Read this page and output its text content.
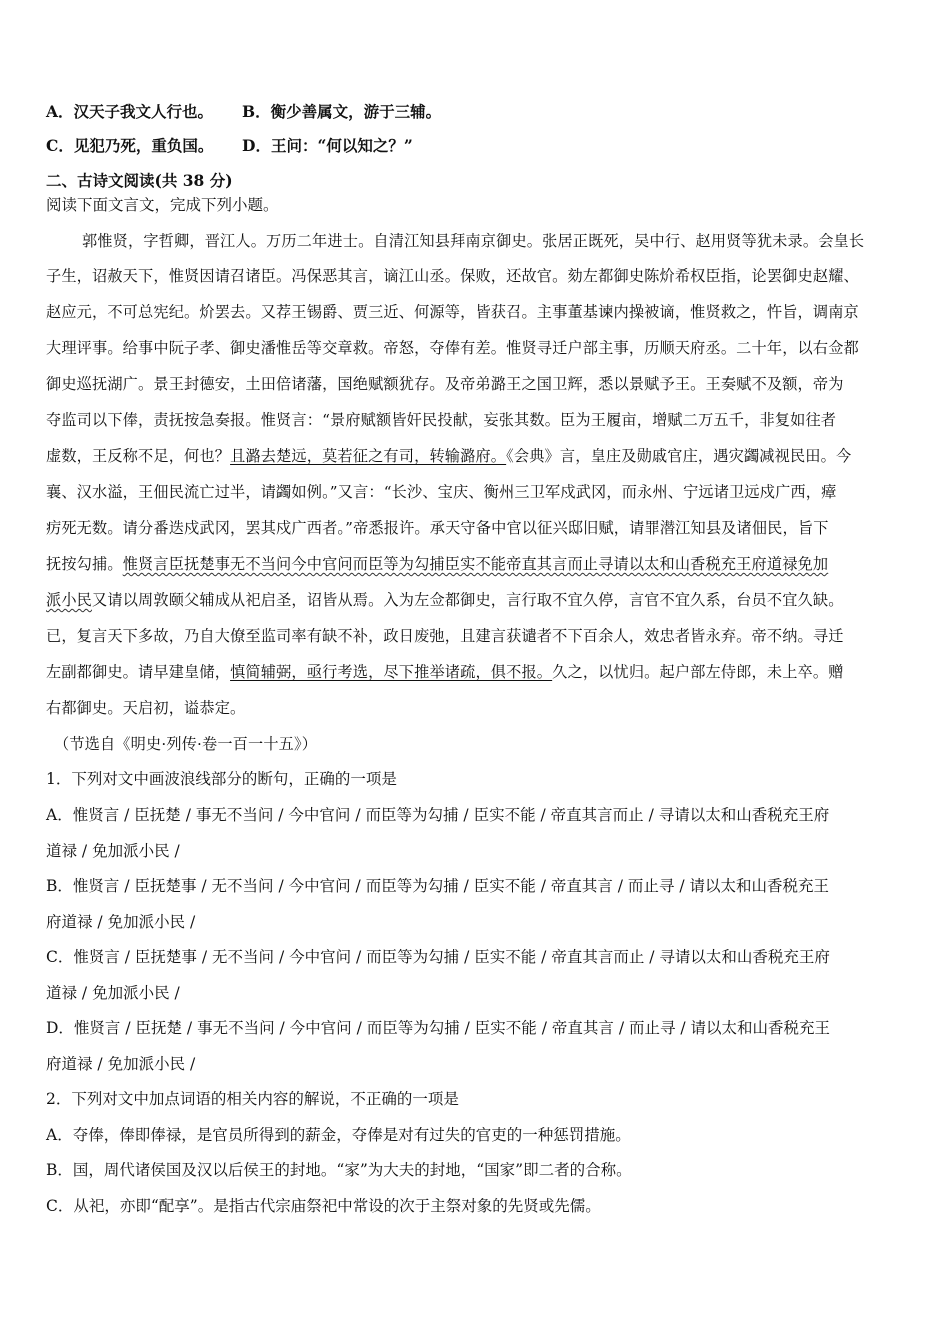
A．汉天子我文人行也。 B．衡少善属文，游于三辅。
C．见犯乃死，重负国。 D．王问：“何以知之？”
二、古诗文阅读(共 38 分)
阅读下面文言文，完成下列小题。
郭惟贤，字哲卿，晋江人。万历二年进士。自清江知县拜南京御史。张居正既死，吴中行、赵用贤等犹未录。会皇长
子生，诏赦天下，惟贤因请召诸臣。冯保恶其言，谪江山丞。保败，还故官。劾左都御史陈炌希权臣指，论罢御史赵耀、
赵应元，不可总宪纪。炌罢去。又荐王锡爵、贾三近、何源等，皆获召。主事董基谏内操被谪，惟贤救之，忤旨，调南京
大理评事。给事中阮子孝、御史潘惟岳等交章救。帝怒，夺俸有差。惟贤寻迁户部主事，历顺天府丞。二十年，以右佥都
御史巡抚湖广。景王封德安，土田倍诸藩，国绝赋额犹存。及帝弟潞王之国卫辉，悉以景赋予王。王奏赋不及额，帝为
夺监司以下俸，责抚按急奏报。惟贤言：“景府赋额皆奸民投献，妄张其数。臣为王履亩，增赋二万五千，非复如往者
虚数，王反称不足，何也？且潞去楚远，莫若征之有司，转输潞府。《会典》言，皇庄及勋戚官庄，遇灾蠲减视民田。今
襄、汉水溢，王佃民流亡过半，请蠲如例。”又言：“长沙、宝庆、衡州三卫军戍武冈，而永州、宁远诸卫远戍广西，瘴
疠死无数。请分番迭戍武冈，罢其戍广西者。”帝悉报许。承天守备中官以征兴邸旧赋，请罪潜江知县及诸佃民，旨下
抚按勾捕。惟贤言臣抚楚事无不当问今中官问而臣等为勾捕臣实不能帝直其言而止寻请以太和山香税充王府道禄免加
派小民又请以周敦颐父辅成从祀启圣，诏皆从焉。入为左佥都御史，言行取不宜久停，言官不宜久系，台员不宜久缺。
已，复言天下多故，乃自大僚至监司率有缺不补，政日废弛，且建言获谴者不下百余人，效忠者皆永弃。帝不纳。寻迁
左副都御史。请早建皇储，慎简辅弼，亟行考选，尽下推举诸疏，俱不报。久之，以忧归。起户部左侍郎，未上卒。赠
右都御史。天启初，谥恭定。
（节选自《明史·列传·卷一百一十五》）
1．下列对文中画波浪线部分的断句，正确的一项是
A．惟贤言 / 臣抚楚 / 事无不当问 / 今中官问 / 而臣等为勾捕 / 臣实不能 / 帝直其言而止 / 寻请以太和山香税充王府
道禄 / 免加派小民 /
B．惟贤言 / 臣抚楚事 / 无不当问 / 今中官问 / 而臣等为勾捕 / 臣实不能 / 帝直其言 / 而止寻 / 请以太和山香税充王
府道禄 / 免加派小民 /
C．惟贤言 / 臣抚楚事 / 无不当问 / 今中官问 / 而臣等为勾捕 / 臣实不能 / 帝直其言而止 / 寻请以太和山香税充王府
道禄 / 免加派小民 /
D．惟贤言 / 臣抚楚 / 事无不当问 / 今中官问 / 而臣等为勾捕 / 臣实不能 / 帝直其言 / 而止寻 / 请以太和山香税充王
府道禄 / 免加派小民 /
2．下列对文中加点词语的相关内容的解说，不正确的一项是
A．夺俸，俸即俸禄，是官员所得到的薪金，夺俸是对有过失的官吏的一种惩罚措施。
B．国，周代诸侯国及汉以后侯王的封地。“家”为大夫的封地，“国家”即二者的合称。
C．从祀，亦即“配享”。是指古代宗庙祭祀中常设的次于主祭对象的先贤或先儒。
